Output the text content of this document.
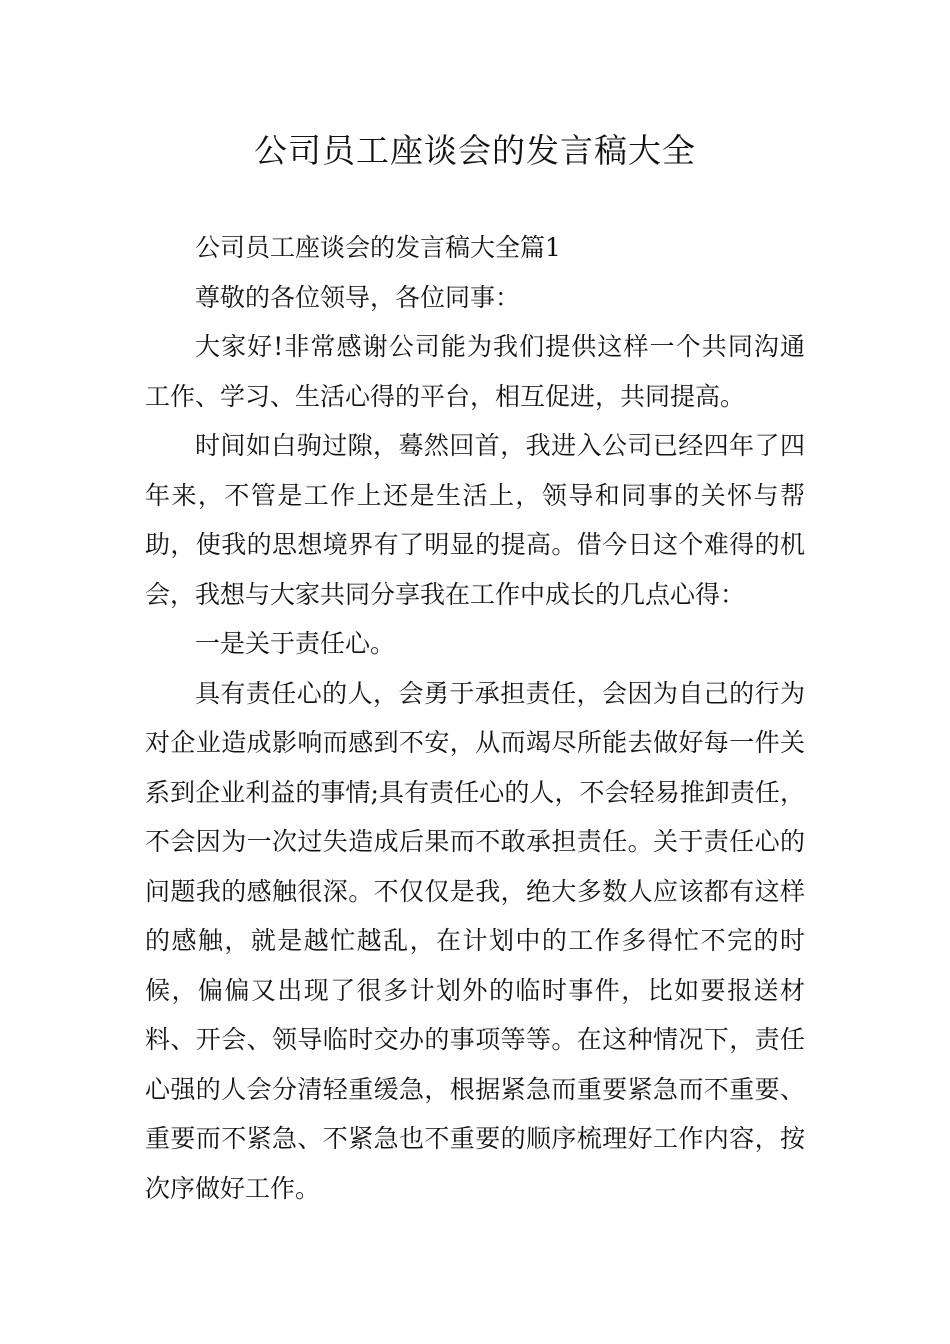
公司员工座谈会的发言稿大全

公司员工座谈会的发言稿大全篇1

尊敬的各位领导，各位同事：

大家好!非常感谢公司能为我们提供这样一个共同沟通工作、学习、生活心得的平台，相互促进，共同提高。

时间如白驹过隙，蓦然回首，我进入公司已经四年了四年来，不管是工作上还是生活上，领导和同事的关怀与帮助，使我的思想境界有了明显的提高。借今日这个难得的机会，我想与大家共同分享我在工作中成长的几点心得：

一是关于责任心。

具有责任心的人，会勇于承担责任，会因为自己的行为对企业造成影响而感到不安，从而竭尽所能去做好每一件关系到企业利益的事情;具有责任心的人，不会轻易推卸责任，不会因为一次过失造成后果而不敢承担责任。关于责任心的问题我的感触很深。不仅仅是我，绝大多数人应该都有这样的感触，就是越忙越乱，在计划中的工作多得忙不完的时候，偏偏又出现了很多计划外的临时事件，比如要报送材料、开会、领导临时交办的事项等等。在这种情况下，责任心强的人会分清轻重缓急，根据紧急而重要紧急而不重要、重要而不紧急、不紧急也不重要的顺序梳理好工作内容，按次序做好工作。
